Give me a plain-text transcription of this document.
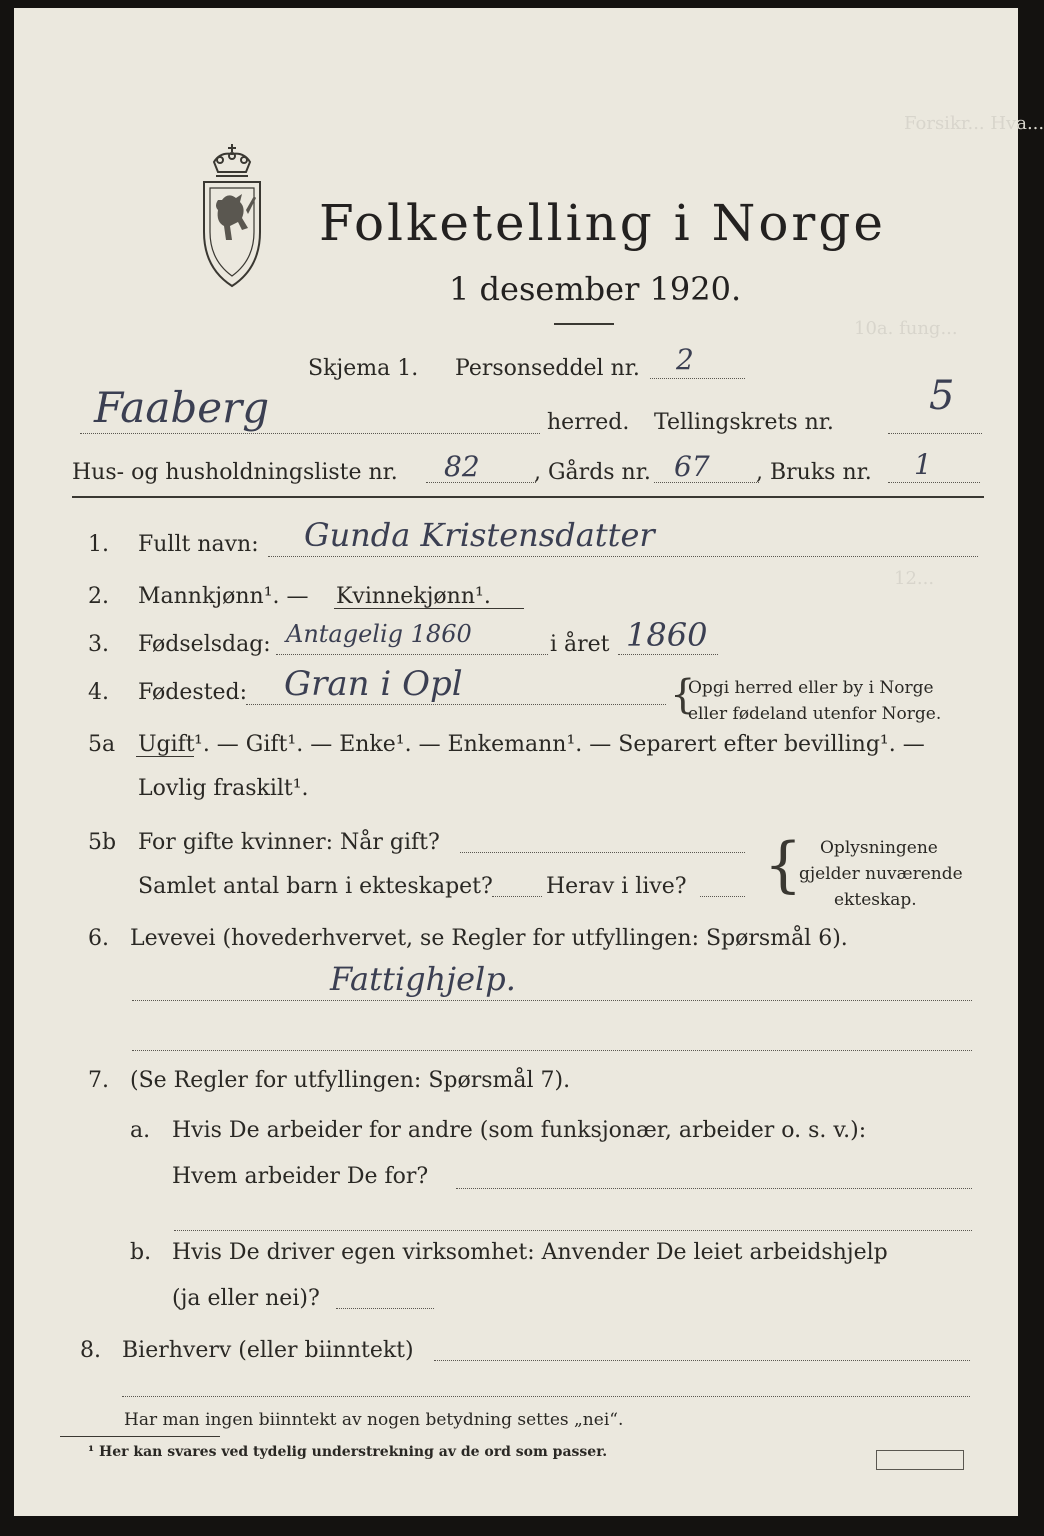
Forsikr... Hva...
10a. fung...
12...
Folketelling i Norge
1 desember 1920.
Skjema 1. Personseddel nr. 2
Faaberg	herred. Tellingskrets nr.
5
Hus- og husholdningsliste nr. 82 , Gårds nr. 67 , Bruks nr. 1
1. Fullt navn: Gunda Kristensdatter
2. Mannkjønn¹. — Kvinnekjønn¹.
3. Fødselsdag: Antagelig 1860	i året 1860
4. Fødested: Gran i Opl	{
Opgi herred eller by i Norge
eller fødeland utenfor Norge.
5a Ugift ¹. — Gift¹. — Enke¹. — Enkemann¹. — Separert efter bevilling¹. —
Lovlig fraskilt¹.
5b For gifte kvinner: Når gift?
Samlet antal barn i ekteskapet? Herav i live? { Oplysningene
gjelder nuværende
ekteskap.
6. Levevei (hovederhvervet, se Regler for utfyllingen: Spørsmål 6).
Fattighjelp.
7. (Se Regler for utfyllingen: Spørsmål 7).
a. Hvis De arbeider for andre (som funksjonær, arbeider o. s. v.):
Hvem arbeider De for?
b. Hvis De driver egen virksomhet: Anvender De leiet arbeidshjelp
(ja eller nei)?
8. Bierhverv (eller biinntekt)
Har man ingen biinntekt av nogen betydning settes „nei“.
¹ Her kan svares ved tydelig understrekning av de ord som passer.
